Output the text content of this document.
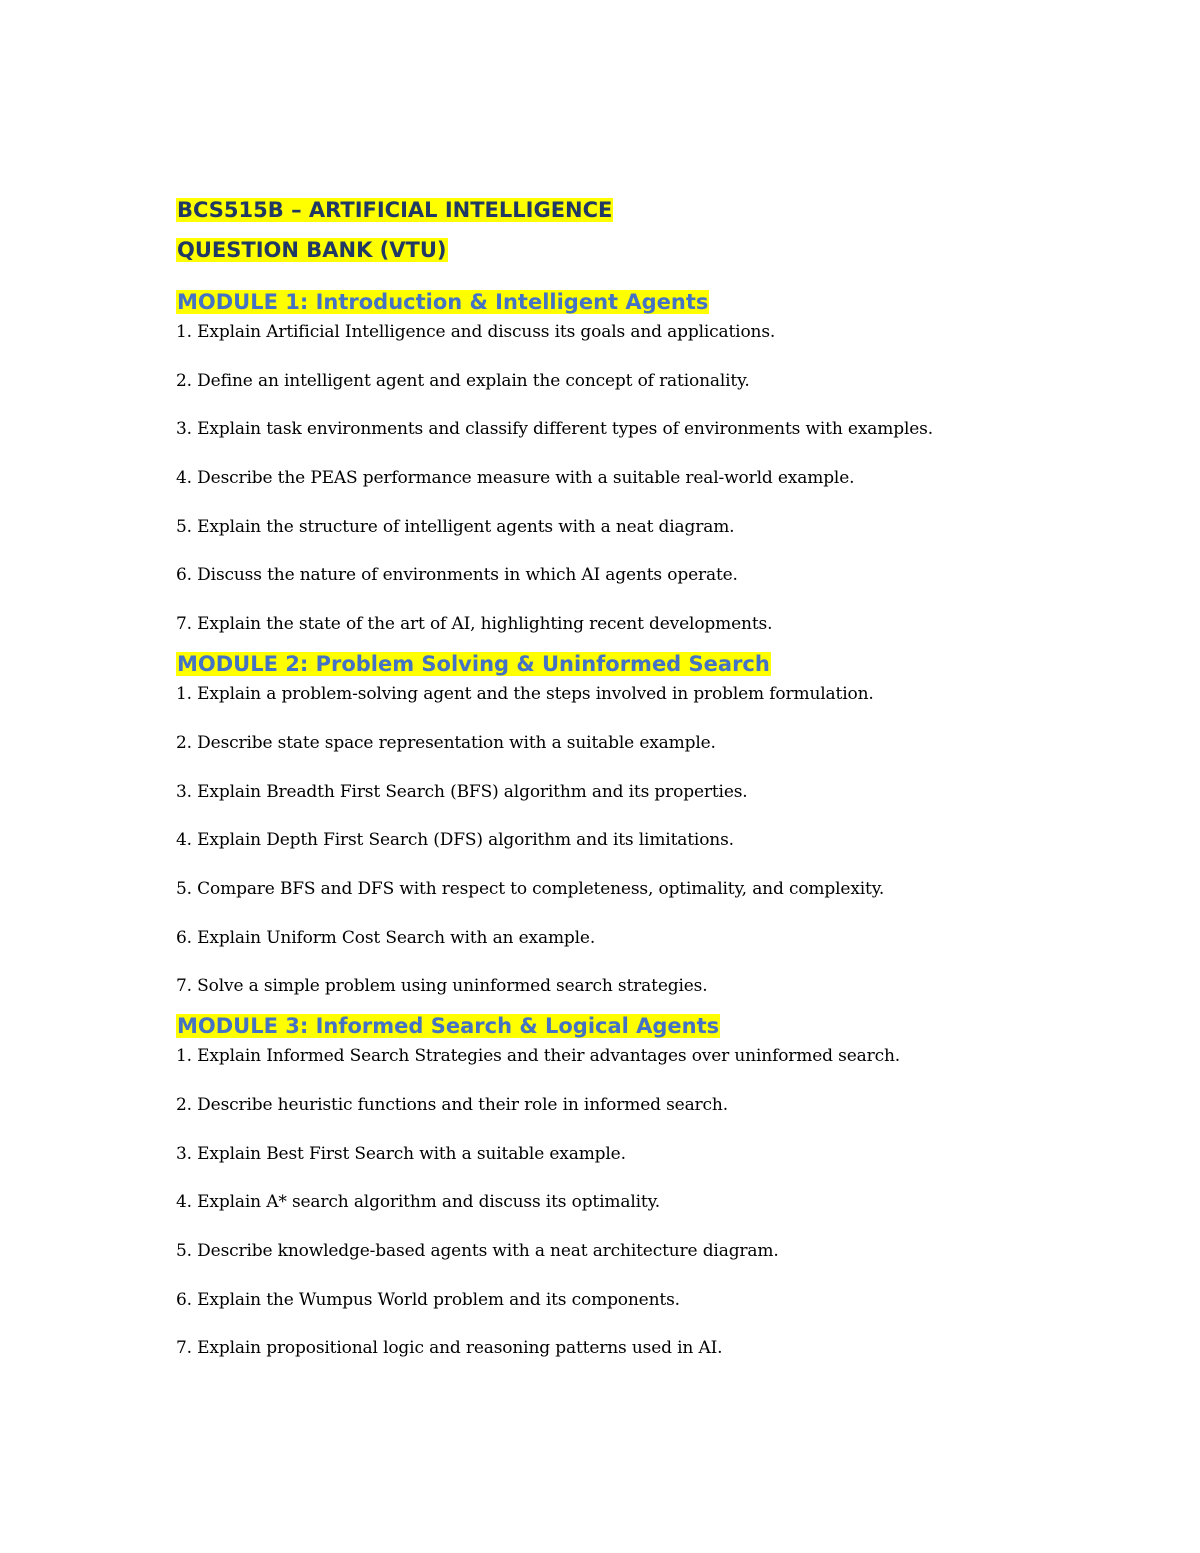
BCS515B – ARTIFICIAL INTELLIGENCE
QUESTION BANK (VTU)
MODULE 1: Introduction & Intelligent Agents
1. Explain Artificial Intelligence and discuss its goals and applications.
2. Define an intelligent agent and explain the concept of rationality.
3. Explain task environments and classify different types of environments with examples.
4. Describe the PEAS performance measure with a suitable real-world example.
5. Explain the structure of intelligent agents with a neat diagram.
6. Discuss the nature of environments in which AI agents operate.
7. Explain the state of the art of AI, highlighting recent developments.
MODULE 2: Problem Solving & Uninformed Search
1. Explain a problem-solving agent and the steps involved in problem formulation.
2. Describe state space representation with a suitable example.
3. Explain Breadth First Search (BFS) algorithm and its properties.
4. Explain Depth First Search (DFS) algorithm and its limitations.
5. Compare BFS and DFS with respect to completeness, optimality, and complexity.
6. Explain Uniform Cost Search with an example.
7. Solve a simple problem using uninformed search strategies.
MODULE 3: Informed Search & Logical Agents
1. Explain Informed Search Strategies and their advantages over uninformed search.
2. Describe heuristic functions and their role in informed search.
3. Explain Best First Search with a suitable example.
4. Explain A* search algorithm and discuss its optimality.
5. Describe knowledge-based agents with a neat architecture diagram.
6. Explain the Wumpus World problem and its components.
7. Explain propositional logic and reasoning patterns used in AI.
